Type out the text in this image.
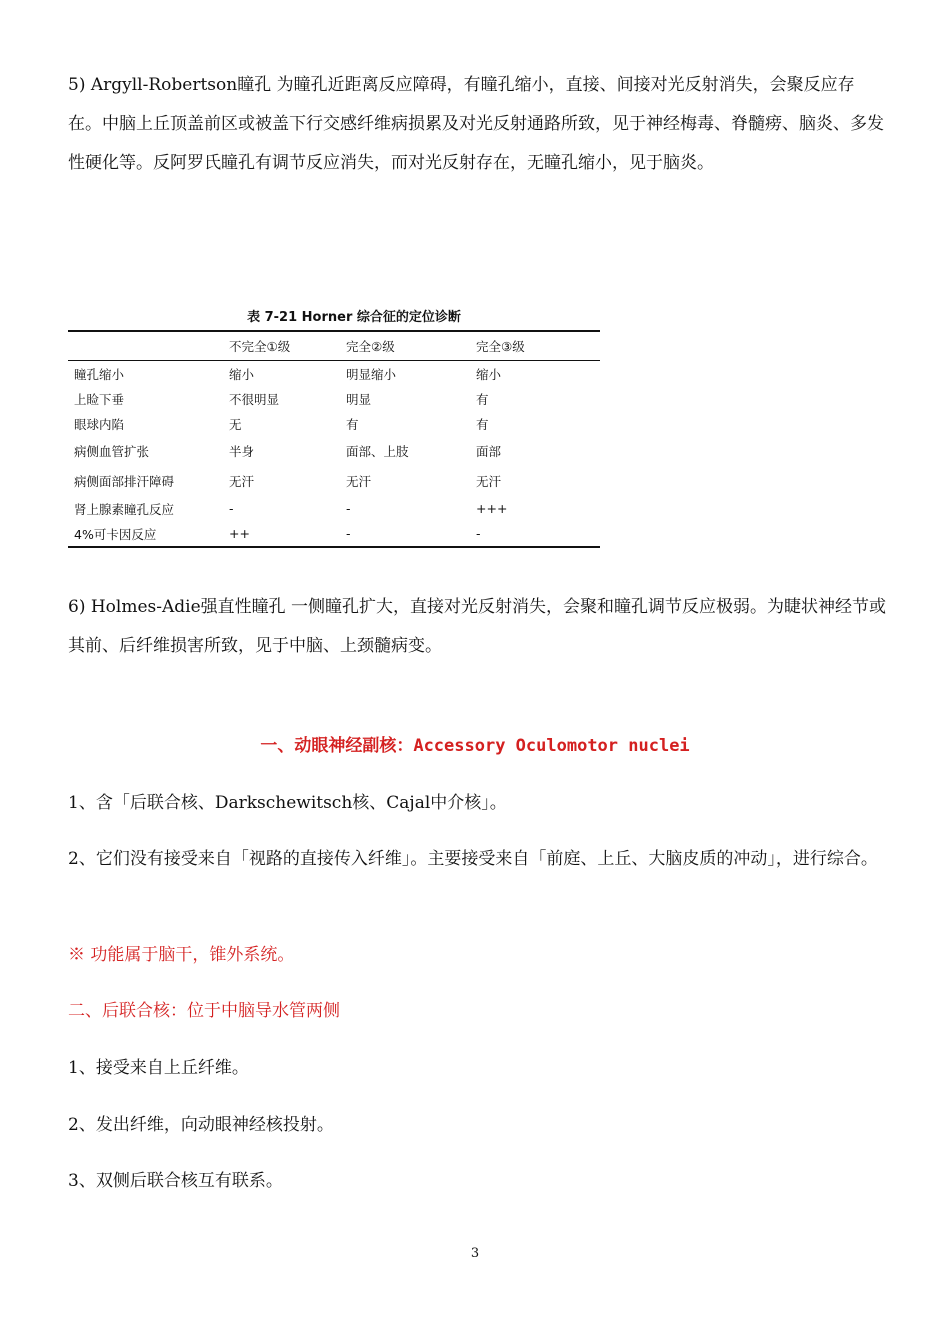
5) Argyll-Robertson瞳孔 为瞳孔近距离反应障碍，有瞳孔缩小，直接、间接对光反射消失，会聚反应存在。中脑上丘顶盖前区或被盖下行交感纤维病损累及对光反射通路所致，见于神经梅毒、脊髓痨、脑炎、多发性硬化等。反阿罗氏瞳孔有调节反应消失，而对光反射存在，无瞳孔缩小，见于脑炎。

表 7-21 Horner 综合征的定位诊断
	不完全①级	完全②级	完全③级
瞳孔缩小	缩小	明显缩小	缩小
上睑下垂	不很明显	明显	有
眼球内陷	无	有	有
病侧血管扩张	半身	面部、上肢	面部
病侧面部排汗障碍	无汗	无汗	无汗
肾上腺素瞳孔反应	-	-	+++
4%可卡因反应	++	-	-

6) Holmes-Adie强直性瞳孔 一侧瞳孔扩大，直接对光反射消失，会聚和瞳孔调节反应极弱。为睫状神经节或其前、后纤维损害所致，见于中脑、上颈髓病变。

一、动眼神经副核：Accessory Oculomotor nuclei

1、含「后联合核、Darkschewitsch核、Cajal中介核」。

2、它们没有接受来自「视路的直接传入纤维」。主要接受来自「前庭、上丘、大脑皮质的冲动」，进行综合。

※ 功能属于脑干，锥外系统。

二、后联合核：位于中脑导水管两侧

1、接受来自上丘纤维。

2、发出纤维，向动眼神经核投射。

3、双侧后联合核互有联系。

3
